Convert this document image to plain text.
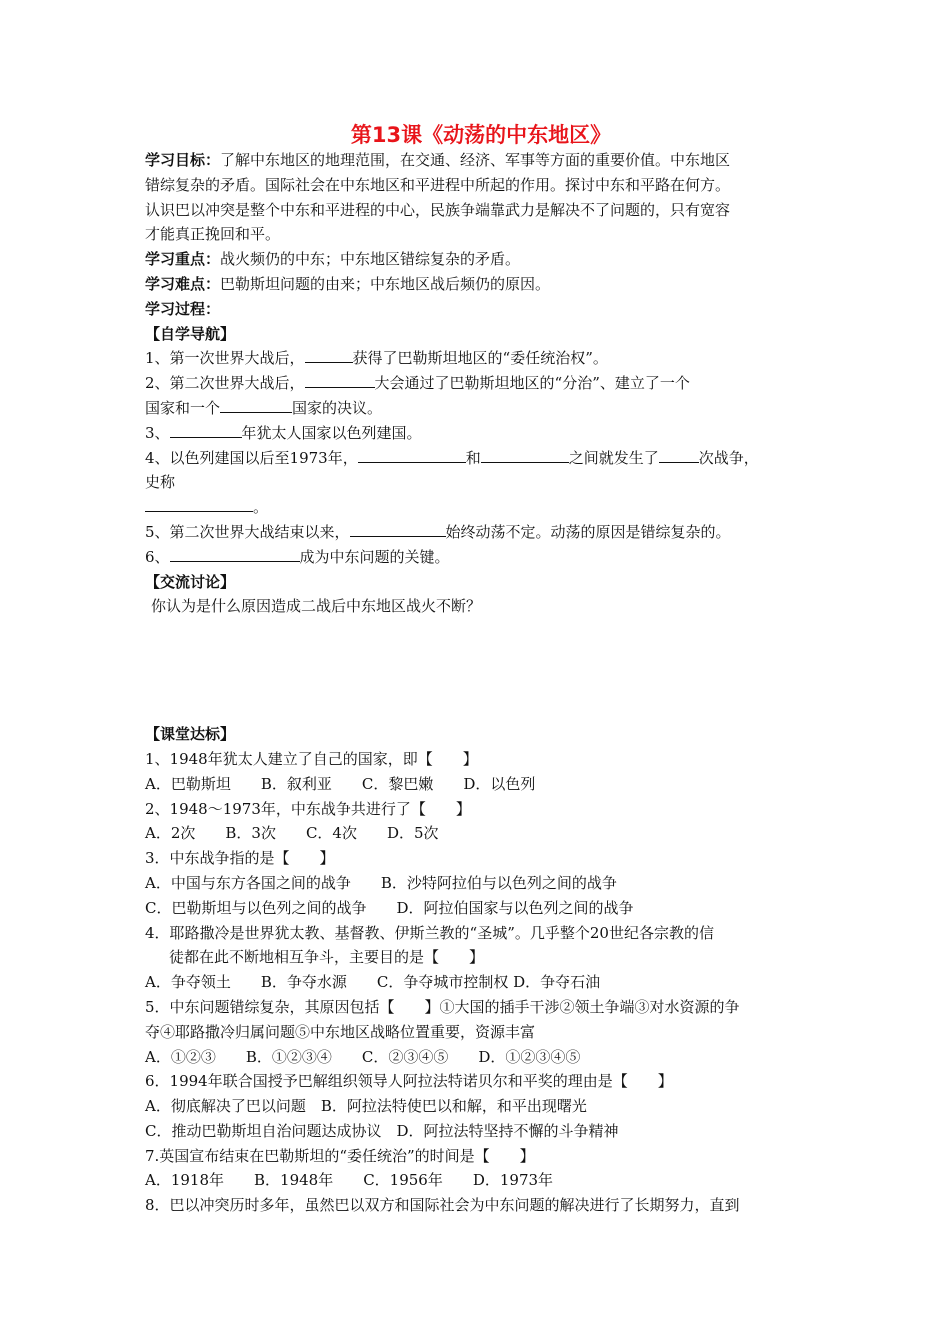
第13课《动荡的中东地区》
学习目标：了解中东地区的地理范围，在交通、经济、军事等方面的重要价值。中东地区
错综复杂的矛盾。国际社会在中东地区和平进程中所起的作用。探讨中东和平路在何方。
认识巴以冲突是整个中东和平进程的中心，民族争端靠武力是解决不了问题的，只有宽容
才能真正挽回和平。
学习重点：战火频仍的中东；中东地区错综复杂的矛盾。
学习难点：巴勒斯坦问题的由来；中东地区战后频仍的原因。
学习过程：
【自学导航】
1、第一次世界大战后，	获得了巴勒斯坦地区的“委任统治权”。
2、第二次世界大战后，	大会通过了巴勒斯坦地区的“分治”、建立了一个
国家和一个	国家的决议。
3、	年犹太人国家以色列建国。
4、以色列建国以后至1973年，	和	之间就发生了	次战争，
史称
。
5、第二次世界大战结束以来，	始终动荡不定。动荡的原因是错综复杂的。
6、	成为中东问题的关键。
【交流讨论】
你认为是什么原因造成二战后中东地区战火不断？
【课堂达标】
1、1948年犹太人建立了自己的国家，即【　　】
A．巴勒斯坦　　B．叙利亚　　C．黎巴嫩　　D．以色列
2、1948～1973年，中东战争共进行了【　　】
A．2次　　B．3次　　C．4次　　D．5次
3．中东战争指的是【　　】
A．中国与东方各国之间的战争　　B．沙特阿拉伯与以色列之间的战争
C．巴勒斯坦与以色列之间的战争　　D．阿拉伯国家与以色列之间的战争
4．耶路撒冷是世界犹太教、基督教、伊斯兰教的“圣城”。几乎整个20世纪各宗教的信
徒都在此不断地相互争斗，主要目的是【　　】
A．争夺领土　　B．争夺水源　　C．争夺城市控制权 D．争夺石油
5．中东问题错综复杂，其原因包括【　　】①大国的插手干涉②领土争端③对水资源的争
夺④耶路撒冷归属问题⑤中东地区战略位置重要，资源丰富
A．①②③　　B．①②③④　　C．②③④⑤　　D．①②③④⑤
6．1994年联合国授予巴解组织领导人阿拉法特诺贝尔和平奖的理由是【　　】
A．彻底解决了巴以问题　B．阿拉法特使巴以和解，和平出现曙光
C．推动巴勒斯坦自治问题达成协议　D．阿拉法特坚持不懈的斗争精神
7.英国宣布结束在巴勒斯坦的“委任统治”的时间是【　　】
A．1918年　　B．1948年　　C．1956年　　D．1973年
8．巴以冲突历时多年，虽然巴以双方和国际社会为中东问题的解决进行了长期努力，直到
